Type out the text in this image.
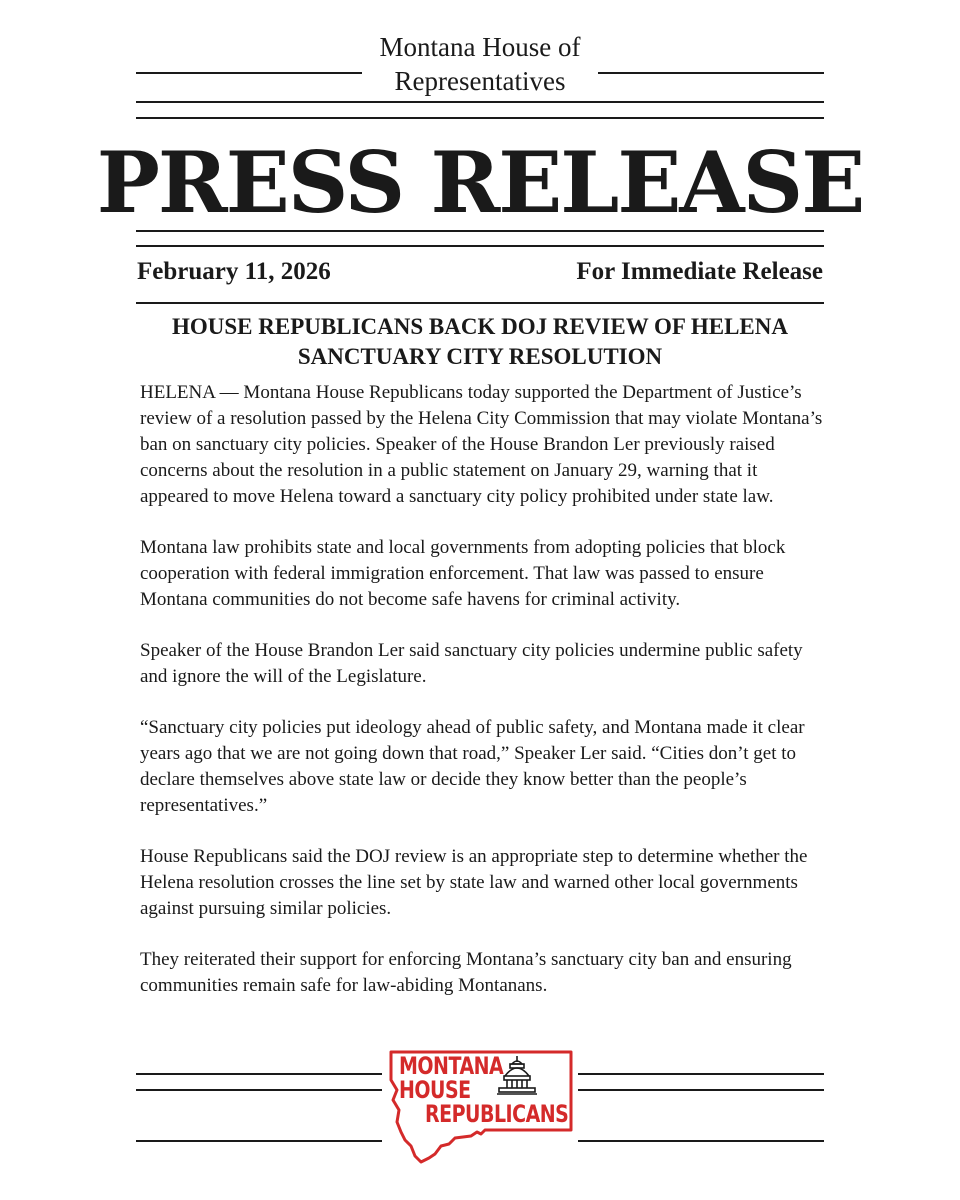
Montana House of
Representatives
PRESS RELEASE
February 11, 2026	For Immediate Release
HOUSE REPUBLICANS BACK DOJ REVIEW OF HELENA
SANCTUARY CITY RESOLUTION

HELENA — Montana House Republicans today supported the Department of Justice’s review of a resolution passed by the Helena City Commission that may violate Montana’s ban on sanctuary city policies. Speaker of the House Brandon Ler previously raised concerns about the resolution in a public statement on January 29, warning that it appeared to move Helena toward a sanctuary city policy prohibited under state law.

Montana law prohibits state and local governments from adopting policies that block cooperation with federal immigration enforcement. That law was passed to ensure Montana communities do not become safe havens for criminal activity.

Speaker of the House Brandon Ler said sanctuary city policies undermine public safety and ignore the will of the Legislature.

“Sanctuary city policies put ideology ahead of public safety, and Montana made it clear years ago that we are not going down that road,” Speaker Ler said. “Cities don’t get to declare themselves above state law or decide they know better than the people’s representatives.”

House Republicans said the DOJ review is an appropriate step to determine whether the Helena resolution crosses the line set by state law and warned other local governments against pursuing similar policies.

They reiterated their support for enforcing Montana’s sanctuary city ban and ensuring communities remain safe for law-abiding Montanans.

MONTANA
HOUSE
REPUBLICANS
